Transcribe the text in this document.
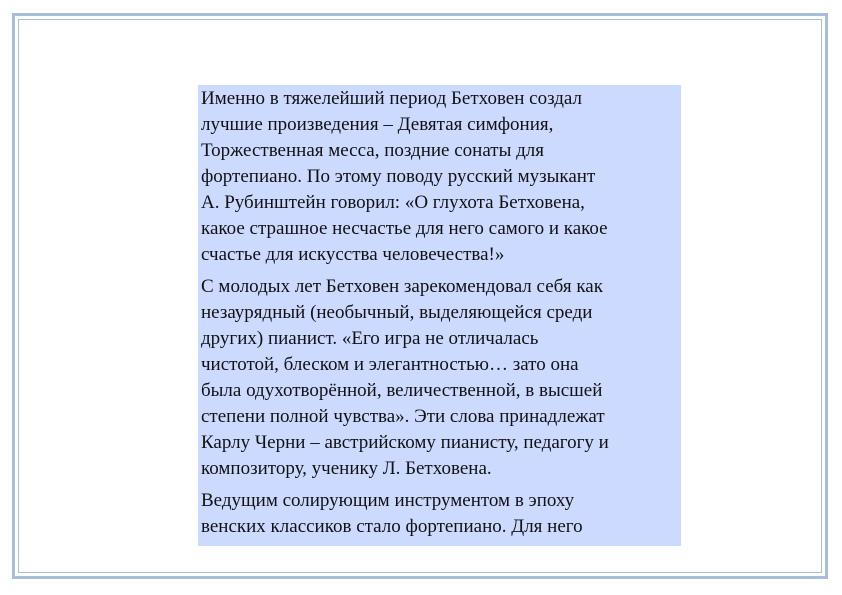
Именно в тяжелейший период Бетховен создал
лучшие произведения – Девятая симфония,
Торжественная месса, поздние сонаты для
фортепиано. По этому поводу русский музыкант
А. Рубинштейн говорил: «О глухота Бетховена,
какое страшное несчастье для него самого и какое
счастье для искусства человечества!»

С молодых лет Бетховен зарекомендовал себя как
незаурядный (необычный, выделяющейся среди
других) пианист. «Его игра не отличалась
чистотой, блеском и элегантностью… зато она
была одухотворённой, величественной, в высшей
степени полной чувства». Эти слова принадлежат
Карлу Черни – австрийскому пианисту, педагогу и
композитору, ученику Л. Бетховена.

Ведущим солирующим инструментом в эпоху
венских классиков стало фортепиано. Для него
